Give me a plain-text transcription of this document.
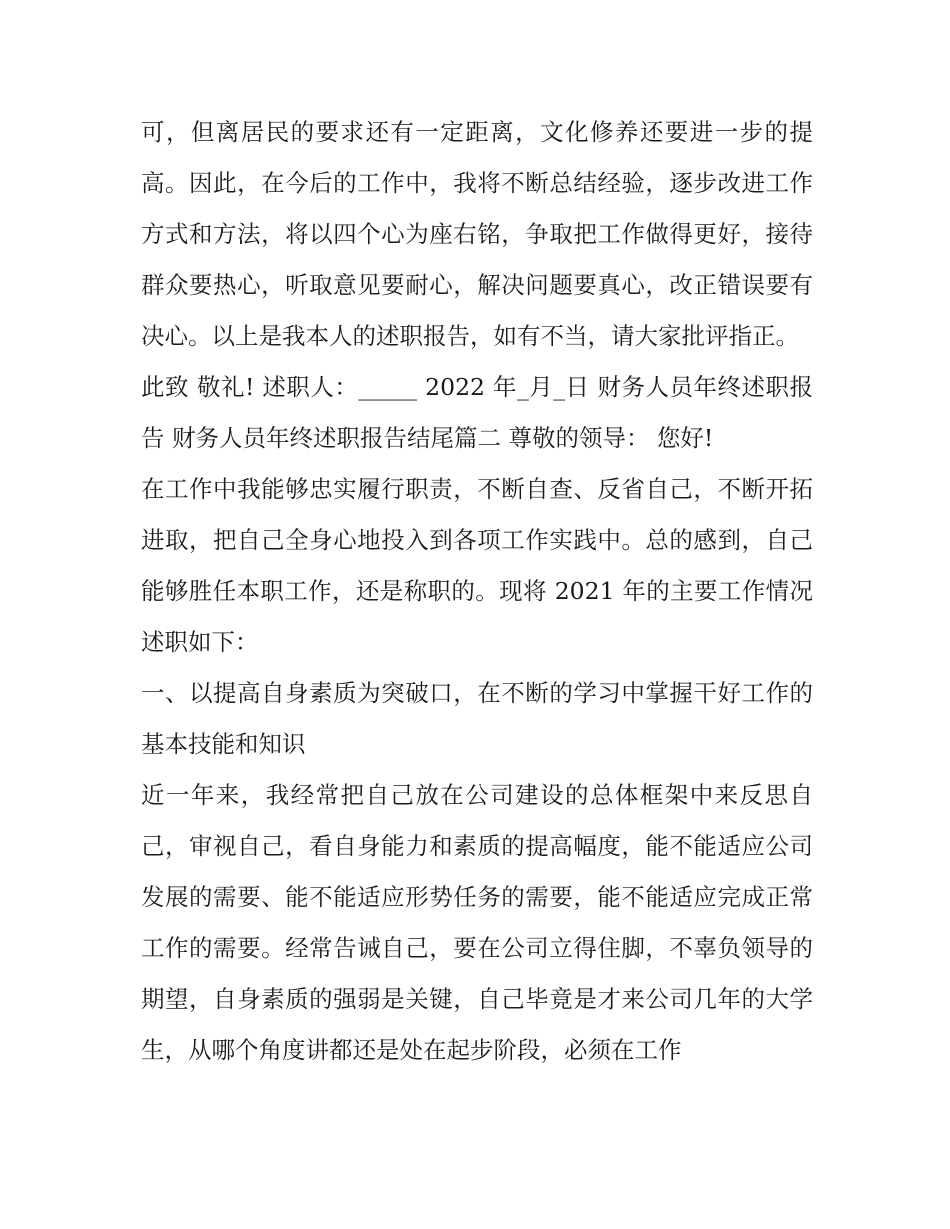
可，但离居民的要求还有一定距离，文化修养还要进一步的提高。因此，在今后的工作中，我将不断总结经验，逐步改进工作方式和方法，将以四个心为座右铭，争取把工作做得更好，接待群众要热心，听取意见要耐心，解决问题要真心，改正错误要有决心。以上是我本人的述职报告，如有不当，请大家批评指正。

此致 敬礼! 述职人：_____ 2022 年_月_日 财务人员年终述职报告 财务人员年终述职报告结尾篇二 尊敬的领导： 您好!

在工作中我能够忠实履行职责，不断自查、反省自己，不断开拓进取，把自己全身心地投入到各项工作实践中。总的感到，自己能够胜任本职工作，还是称职的。现将 2021 年的主要工作情况述职如下：

一、以提高自身素质为突破口，在不断的学习中掌握干好工作的基本技能和知识

近一年来，我经常把自己放在公司建设的总体框架中来反思自己，审视自己，看自身能力和素质的提高幅度，能不能适应公司发展的需要、能不能适应形势任务的需要，能不能适应完成正常工作的需要。经常告诫自己，要在公司立得住脚，不辜负领导的期望，自身素质的强弱是关键，自己毕竟是才来公司几年的大学生，从哪个角度讲都还是处在起步阶段，必须在工作
